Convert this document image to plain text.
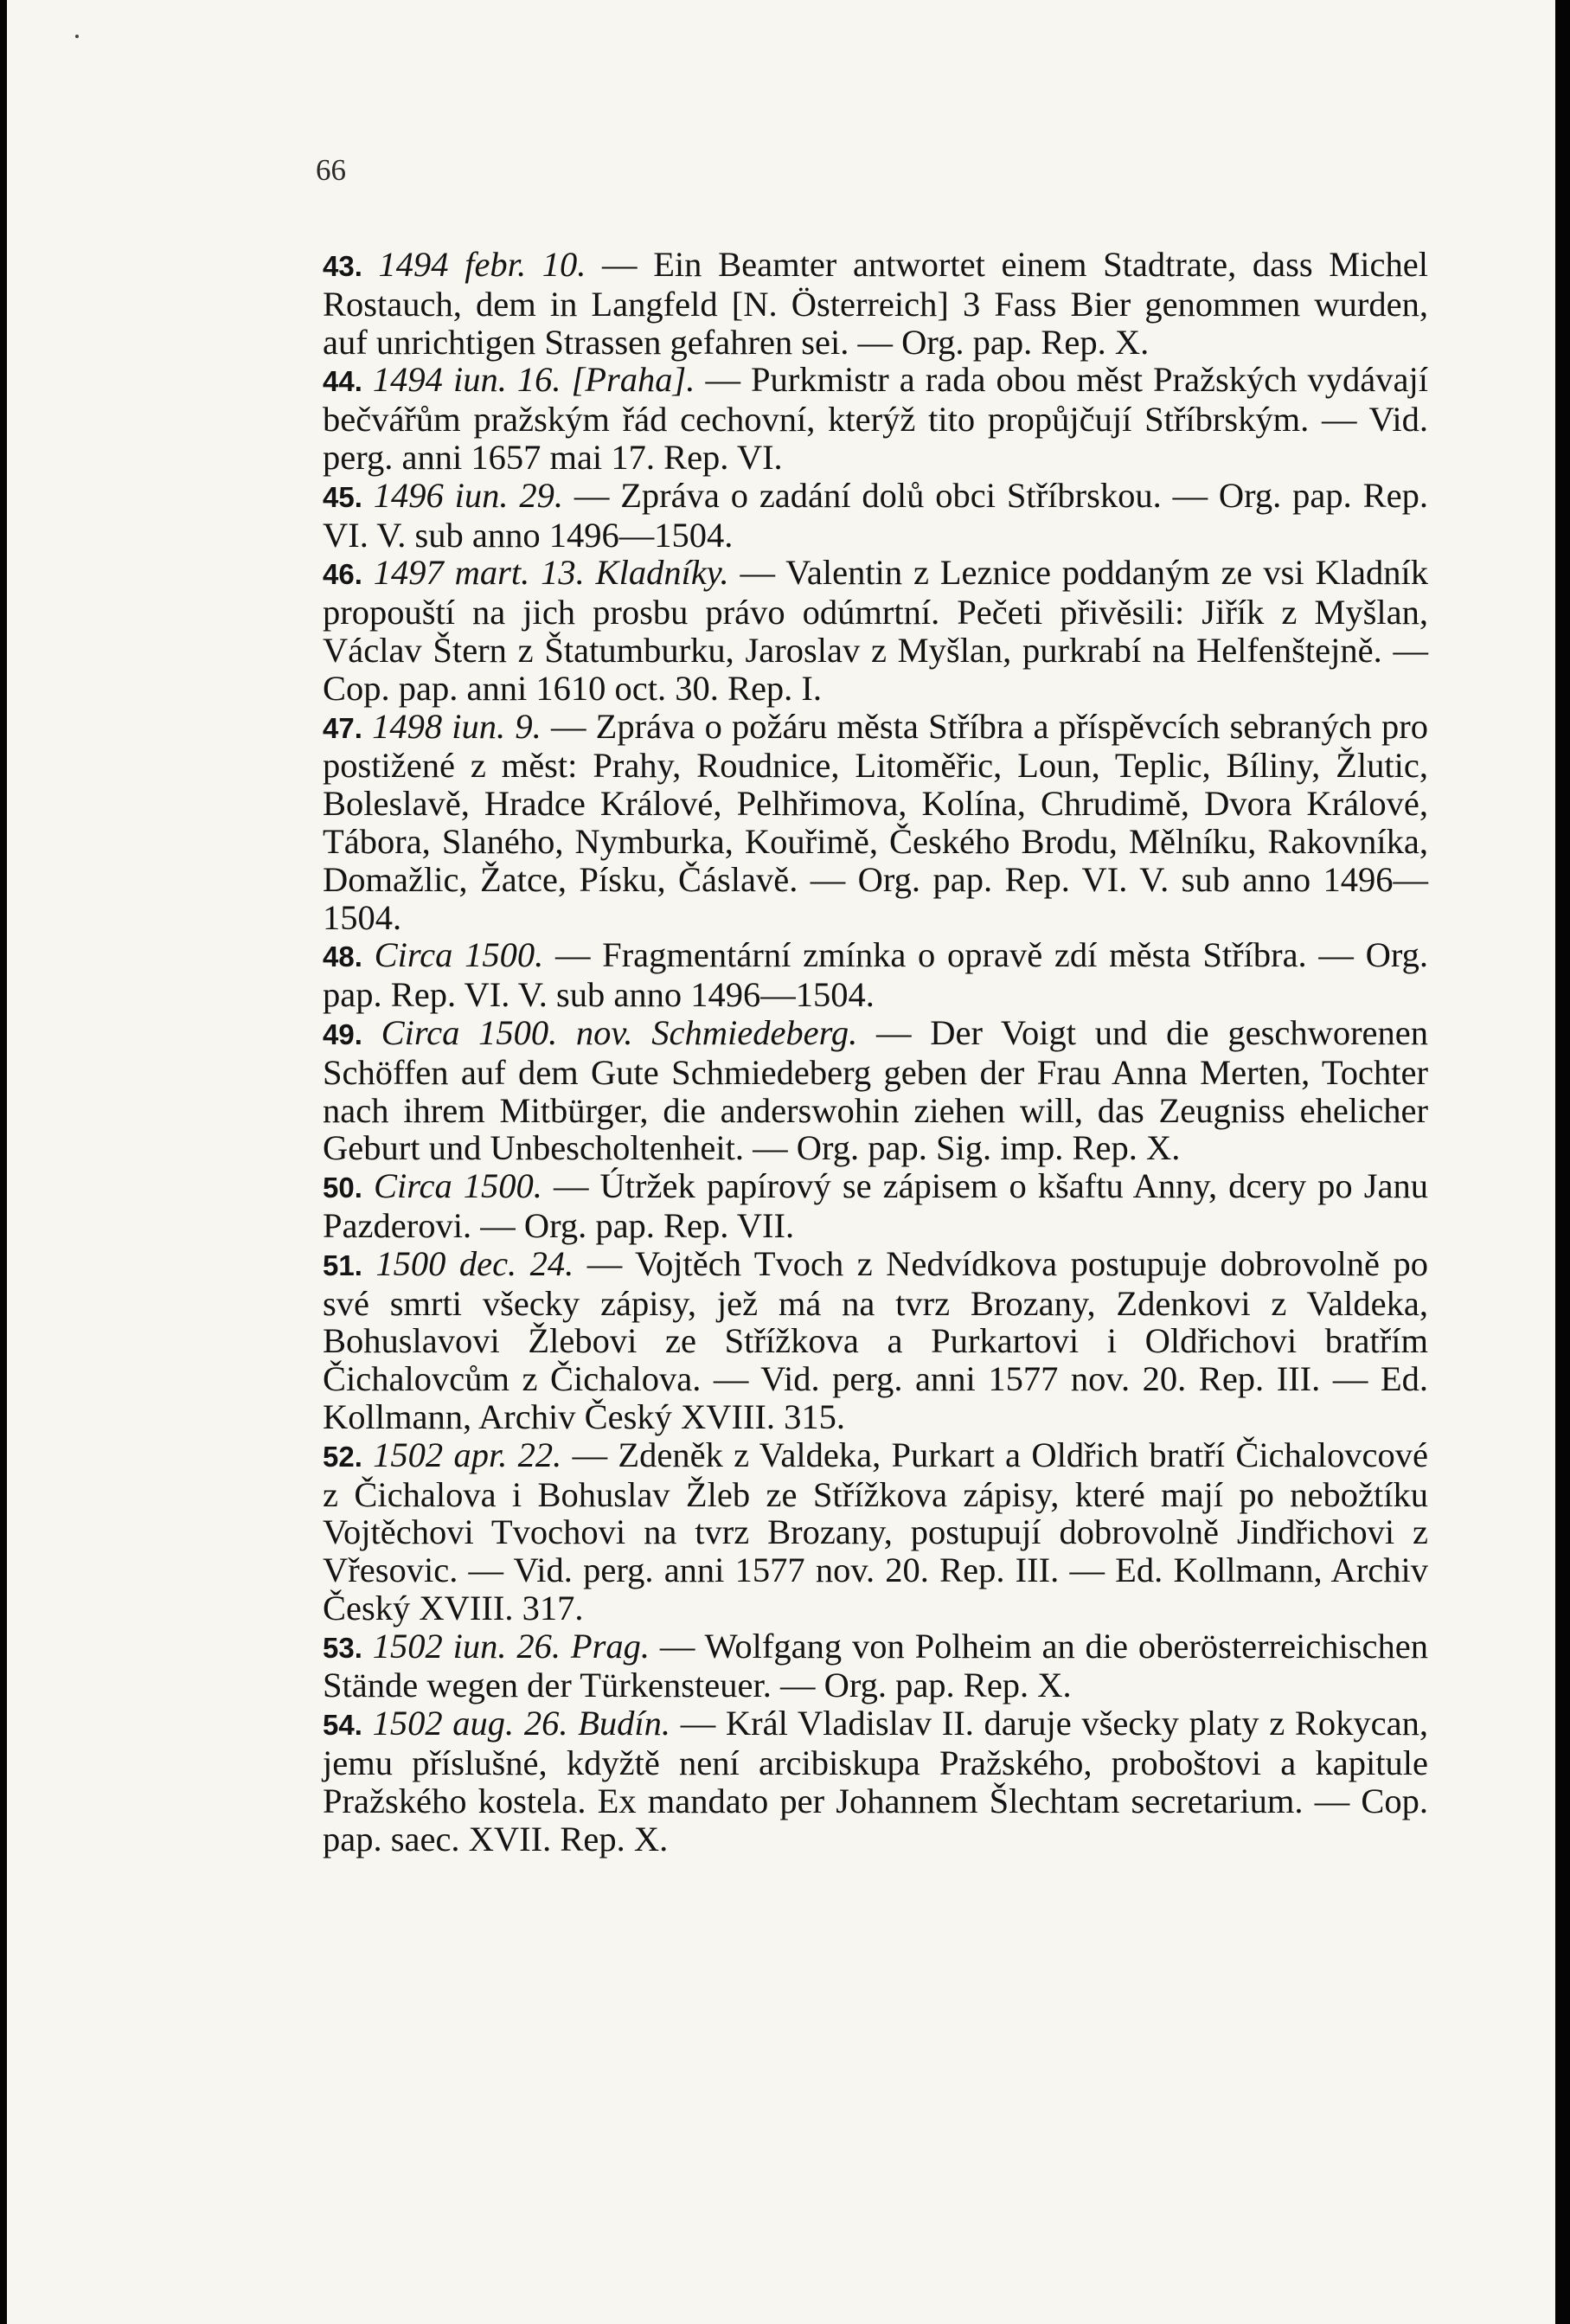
66

43. 1494 febr. 10. — Ein Beamter antwortet einem Stadtrate, dass Michel Rostauch, dem in Langfeld [N. Österreich] 3 Fass Bier genommen wurden, auf unrichtigen Strassen gefahren sei. — Org. pap. Rep. X.

44. 1494 iun. 16. [Praha]. — Purkmistr a rada obou měst Pražských vydávají bečvářům pražským řád cechovní, kterýž tito propůjčují Stříbrským. — Vid. perg. anni 1657 mai 17. Rep. VI.

45. 1496 iun. 29. — Zpráva o zadání dolů obci Stříbrskou. — Org. pap. Rep. VI. V. sub anno 1496—1504.

46. 1497 mart. 13. Kladníky. — Valentin z Leznice poddaným ze vsi Kladník propouští na jich prosbu právo odúmrtní. Pečeti přivěsili: Jiřík z Myšlan, Václav Štern z Štatumburku, Jaroslav z Myšlan, purkrabí na Helfenštejně. — Cop. pap. anni 1610 oct. 30. Rep. I.

47. 1498 iun. 9. — Zpráva o požáru města Stříbra a příspěvcích sebraných pro postižené z měst: Prahy, Roudnice, Litoměřic, Loun, Teplic, Bíliny, Žlutic, Boleslavě, Hradce Králové, Pelhřimova, Kolína, Chrudimě, Dvora Králové, Tábora, Slaného, Nymburka, Kouřimě, Českého Brodu, Mělníku, Rakovníka, Domažlic, Žatce, Písku, Čáslavě. — Org. pap. Rep. VI. V. sub anno 1496—1504.

48. Circa 1500. — Fragmentární zmínka o opravě zdí města Stříbra. — Org. pap. Rep. VI. V. sub anno 1496—1504.

49. Circa 1500. nov. Schmiedeberg. — Der Voigt und die geschworenen Schöffen auf dem Gute Schmiedeberg geben der Frau Anna Merten, Tochter nach ihrem Mitbürger, die anderswohin ziehen will, das Zeugniss ehelicher Geburt und Unbescholtenheit. — Org. pap. Sig. imp. Rep. X.

50. Circa 1500. — Útržek papírový se zápisem o kšaftu Anny, dcery po Janu Pazderovi. — Org. pap. Rep. VII.

51. 1500 dec. 24. — Vojtěch Tvoch z Nedvídkova postupuje dobrovolně po své smrti všecky zápisy, jež má na tvrz Brozany, Zdenkovi z Valdeka, Bohuslavovi Žlebovi ze Střížkova a Purkartovi i Oldřichovi bratřím Čichalovcům z Čichalova. — Vid. perg. anni 1577 nov. 20. Rep. III. — Ed. Kollmann, Archiv Český XVIII. 315.

52. 1502 apr. 22. — Zdeněk z Valdeka, Purkart a Oldřich bratří Čichalovcové z Čichalova i Bohuslav Žleb ze Střížkova zápisy, které mají po nebožtíku Vojtěchovi Tvochovi na tvrz Brozany, postupují dobrovolně Jindřichovi z Vřesovic. — Vid. perg. anni 1577 nov. 20. Rep. III. — Ed. Kollmann, Archiv Český XVIII. 317.

53. 1502 iun. 26. Prag. — Wolfgang von Polheim an die oberösterreichischen Stände wegen der Türkensteuer. — Org. pap. Rep. X.

54. 1502 aug. 26. Budín. — Král Vladislav II. daruje všecky platy z Rokycan, jemu příslušné, kdyžtě není arcibiskupa Pražského, proboštovi a kapitule Pražského kostela. Ex mandato per Johannem Šlechtam secretarium. — Cop. pap. saec. XVII. Rep. X.
